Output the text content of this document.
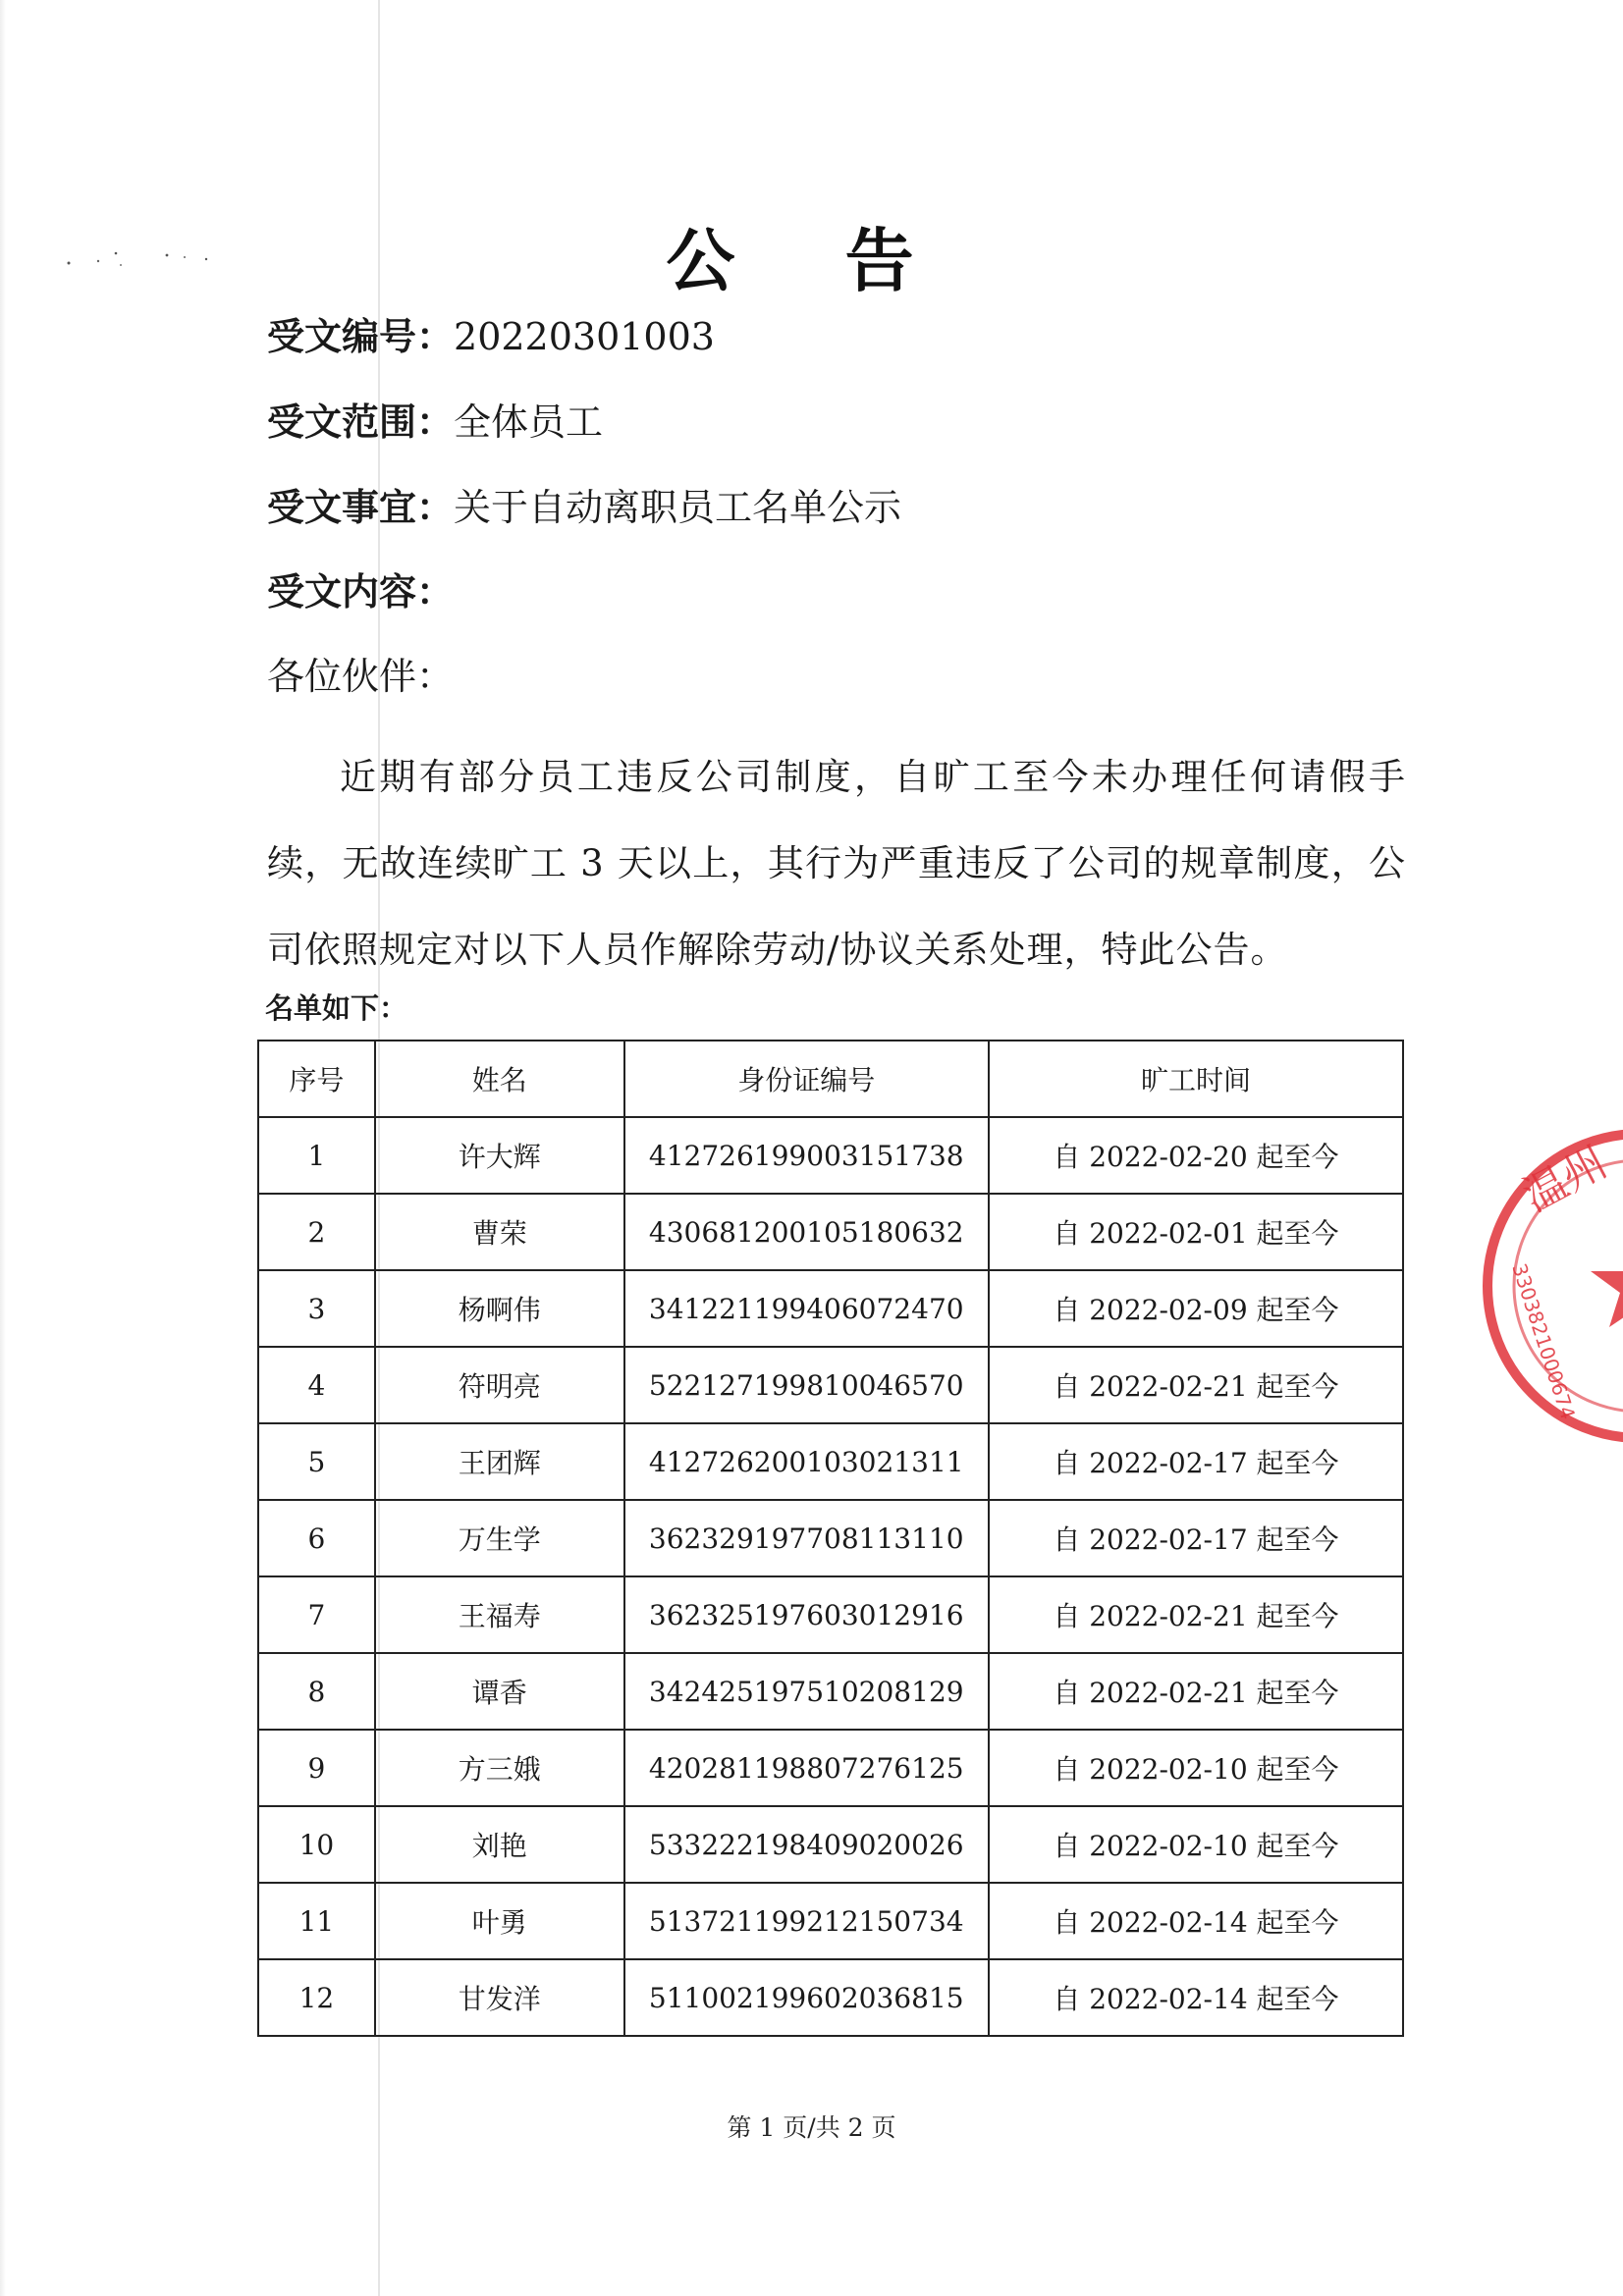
公 告
受文编号：20220301003
受文范围：全体员工
受文事宜：关于自动离职员工名单公示
受文内容：
各位伙伴：
近期有部分员工违反公司制度，自旷工至今未办理任何请假手续，无故连续旷工 3 天以上，其行为严重违反了公司的规章制度，公司依照规定对以下人员作解除劳动/协议关系处理，特此公告。
名单如下：
序号	姓名	身份证编号	旷工时间
1	许大辉	412726199003151738	自 2022-02-20 起至今
2	曹荣	430681200105180632	自 2022-02-01 起至今
3	杨啊伟	341221199406072470	自 2022-02-09 起至今
4	符明亮	522127199810046570	自 2022-02-21 起至今
5	王团辉	412726200103021311	自 2022-02-17 起至今
6	万生学	362329197708113110	自 2022-02-17 起至今
7	王福寿	362325197603012916	自 2022-02-21 起至今
8	谭香	342425197510208129	自 2022-02-21 起至今
9	方三娥	420281198807276125	自 2022-02-10 起至今
10	刘艳	533222198409020026	自 2022-02-10 起至今
11	叶勇	513721199212150734	自 2022-02-14 起至今
12	甘发洋	511002199602036815	自 2022-02-14 起至今
第 1 页/共 2 页
温州
3303821000674
